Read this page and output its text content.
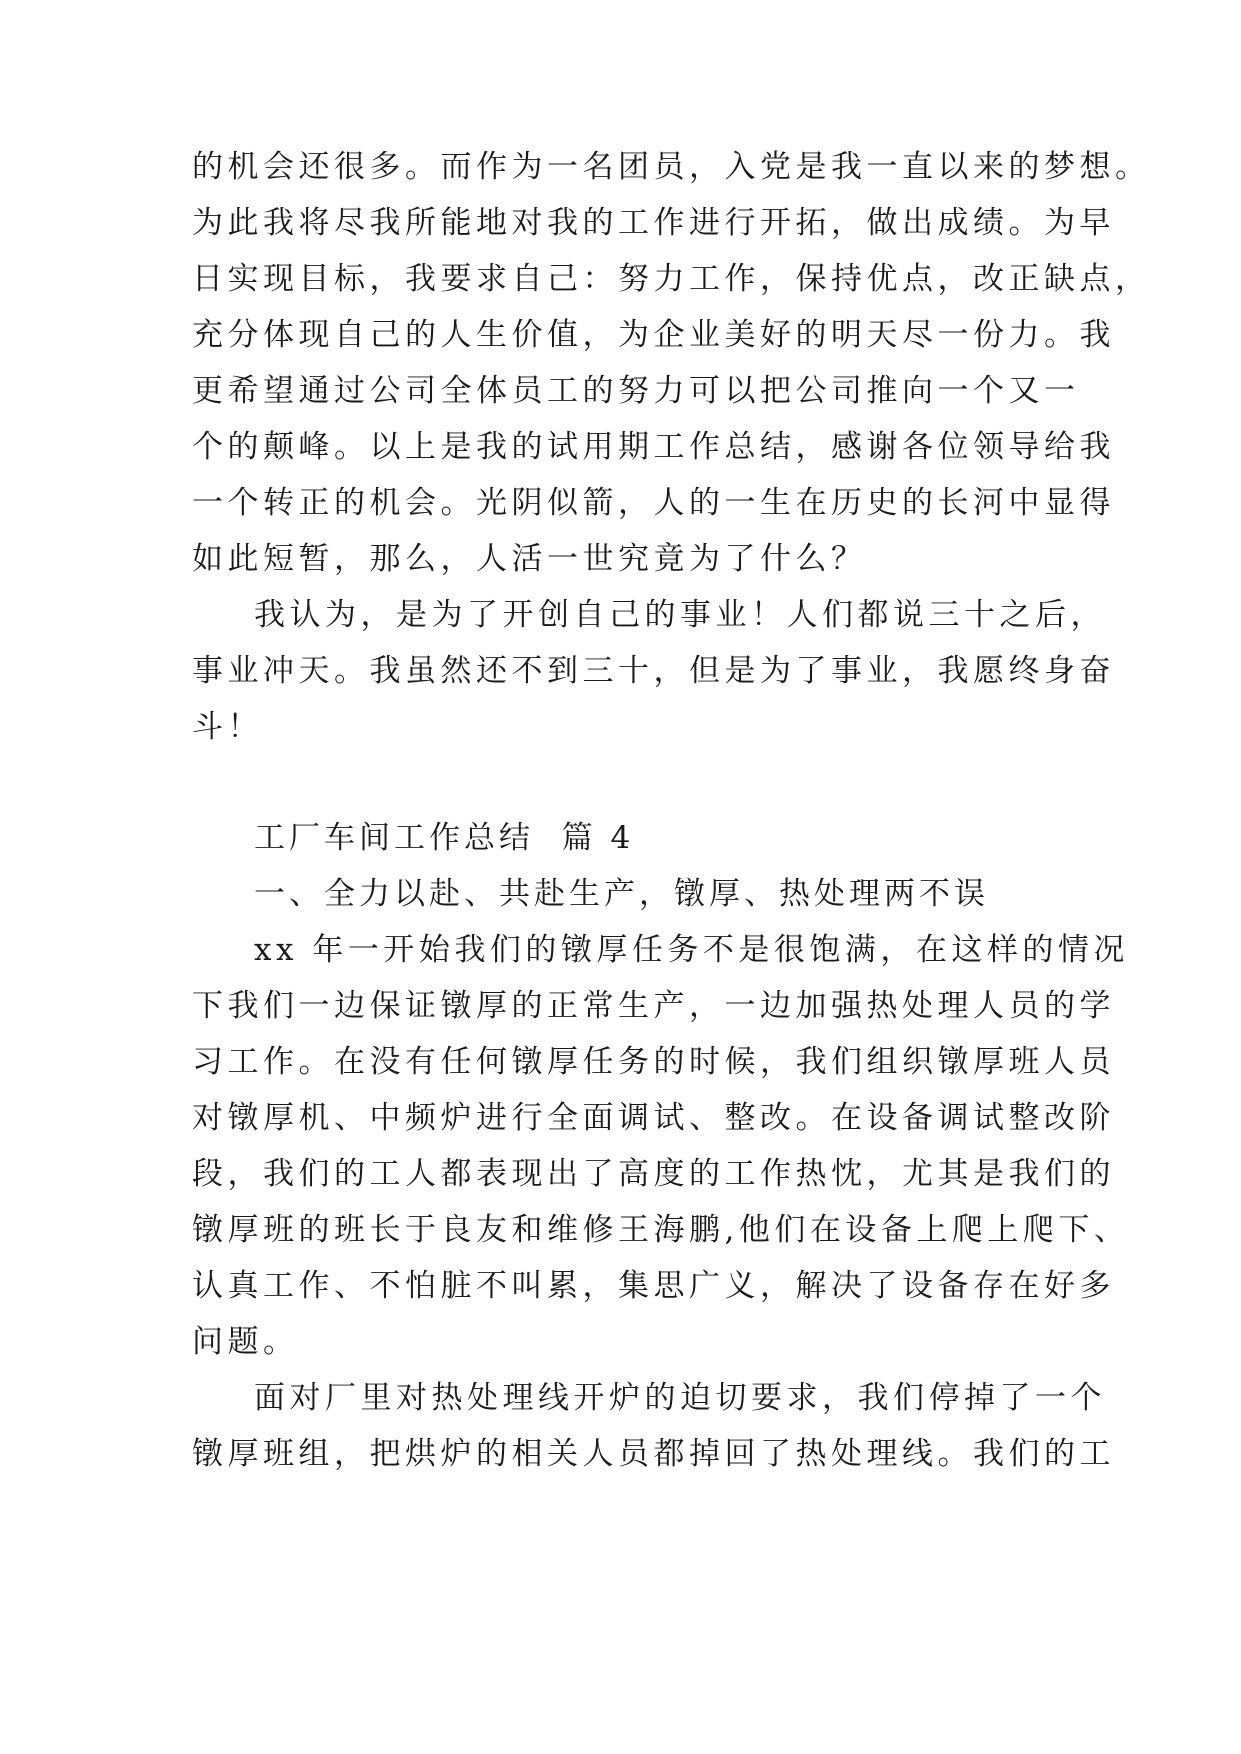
的机会还很多。而作为一名团员，入党是我一直以来的梦想。
为此我将尽我所能地对我的工作进行开拓，做出成绩。为早
日实现目标，我要求自己：努力工作，保持优点，改正缺点，
充分体现自己的人生价值，为企业美好的明天尽一份力。我
更希望通过公司全体员工的努力可以把公司推向一个又一
个的颠峰。以上是我的试用期工作总结，感谢各位领导给我
一个转正的机会。光阴似箭，人的一生在历史的长河中显得
如此短暂，那么，人活一世究竟为了什么？
我认为，是为了开创自己的事业！人们都说三十之后，
事业冲天。我虽然还不到三十，但是为了事业，我愿终身奋
斗！
工厂车间工作总结  篇 4
一、全力以赴、共赴生产，镦厚、热处理两不误
xx 年一开始我们的镦厚任务不是很饱满，在这样的情况
下我们一边保证镦厚的正常生产，一边加强热处理人员的学
习工作。在没有任何镦厚任务的时候，我们组织镦厚班人员
对镦厚机、中频炉进行全面调试、整改。在设备调试整改阶
段，我们的工人都表现出了高度的工作热忱，尤其是我们的
镦厚班的班长于良友和维修王海鹏,他们在设备上爬上爬下、
认真工作、不怕脏不叫累，集思广义，解决了设备存在好多
问题。
面对厂里对热处理线开炉的迫切要求，我们停掉了一个
镦厚班组，把烘炉的相关人员都掉回了热处理线。我们的工
